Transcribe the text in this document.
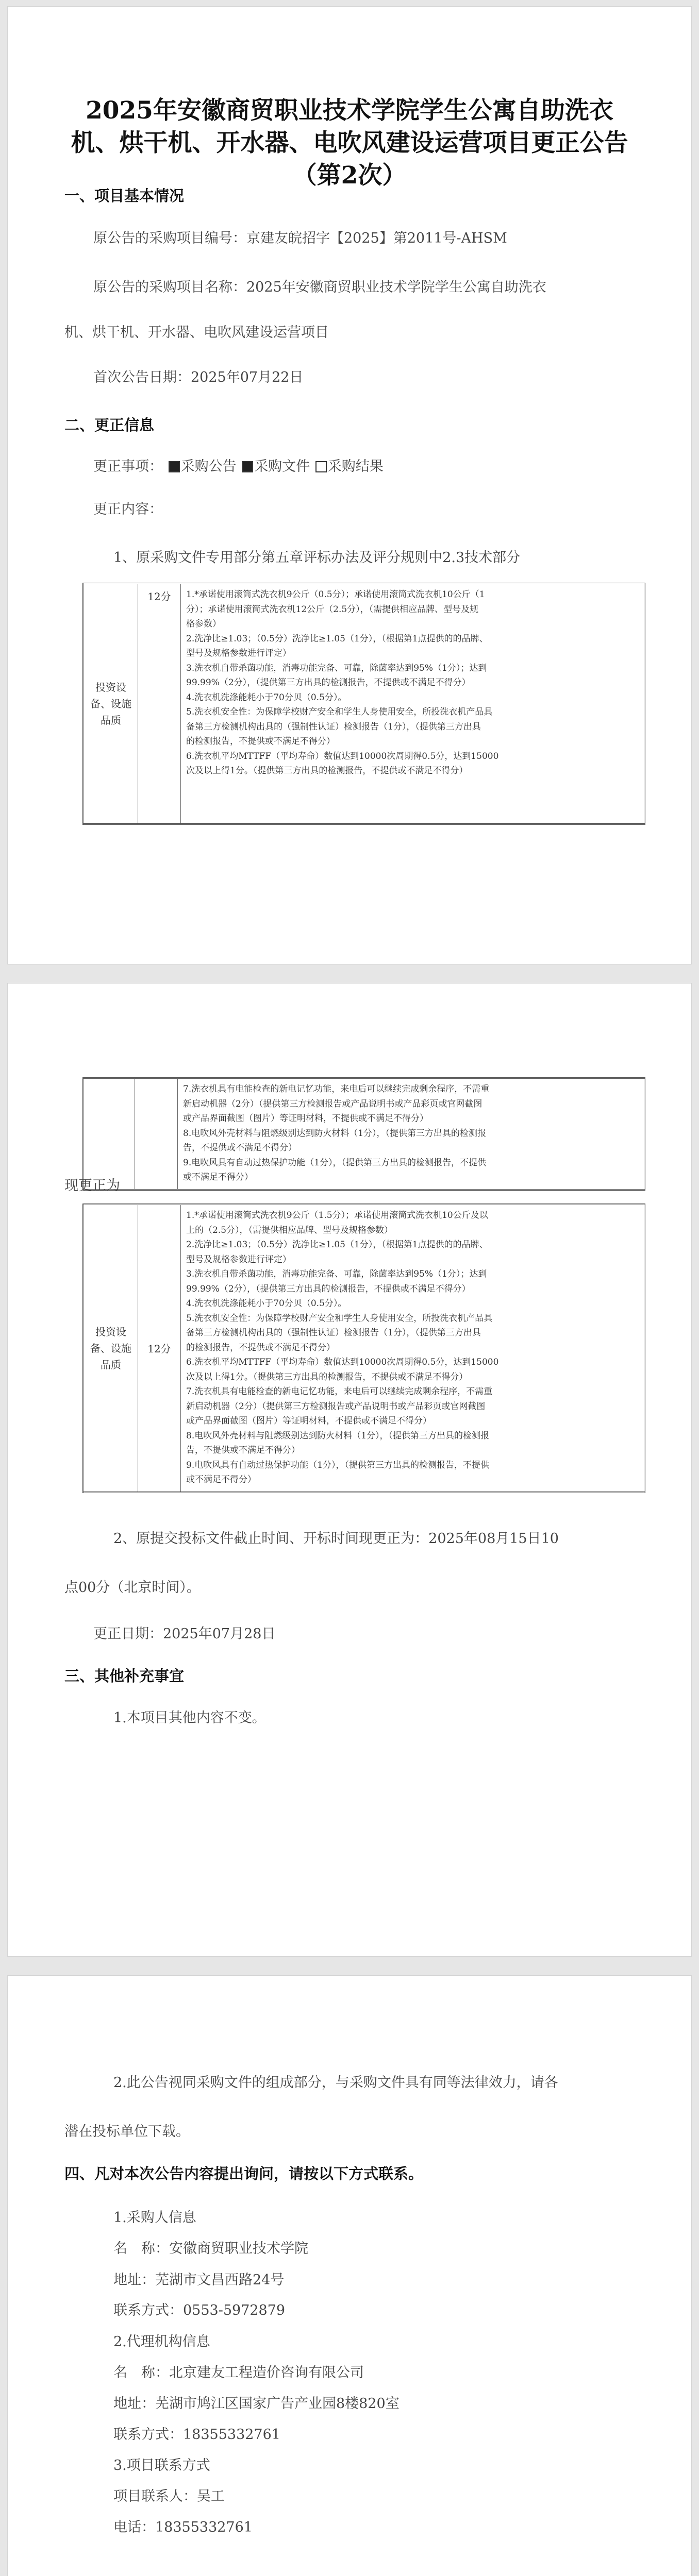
2025年安徽商贸职业技术学院学生公寓自助洗衣机、烘干机、开水器、电吹风建设运营项目更正公告（第2次）
一、项目基本情况
原公告的采购项目编号：京建友皖招字【2025】第2011号-AHSM
原公告的采购项目名称：2025年安徽商贸职业技术学院学生公寓自助洗衣
机、烘干机、开水器、电吹风建设运营项目
首次公告日期：2025年07月22日
二、更正信息
更正事项： 采购公告 采购文件 采购结果
更正内容：
1、原采购文件专用部分第五章评标办法及评分规则中2.3技术部分
投资设备、设施品质	12分	1.*承诺使用滚筒式洗衣机9公斤（0.5分）；承诺使用滚筒式洗衣机10公斤（1
分）；承诺使用滚筒式洗衣机12公斤（2.5分），（需提供相应品牌、型号及规
格参数）
2.洗净比≥1.03；（0.5分）洗净比≥1.05（1分），（根据第1点提供的的品牌、
型号及规格参数进行评定）
3.洗衣机自带杀菌功能，消毒功能完备、可靠，除菌率达到95%（1分）；达到
99.99%（2分），（提供第三方出具的检测报告，不提供或不满足不得分）
4.洗衣机洗涤能耗小于70分贝（0.5分）。
5.洗衣机安全性：为保障学校财产安全和学生人身使用安全，所投洗衣机产品具
备第三方检测机构出具的（强制性认证）检测报告（1分），（提供第三方出具
的检测报告，不提供或不满足不得分）
6.洗衣机平均MTTFF（平均寿命）数值达到10000次周期得0.5分，达到15000
次及以上得1分。（提供第三方出具的检测报告，不提供或不满足不得分）

7.洗衣机具有电能检查的新电记忆功能，来电后可以继续完成剩余程序，不需重
新启动机器（2分）（提供第三方检测报告或产品说明书或产品彩页或官网截图
或产品界面截图（图片）等证明材料，不提供或不满足不得分）
8.电吹风外壳材料与阻燃级别达到防火材料（1分），（提供第三方出具的检测报
告，不提供或不满足不得分）
9.电吹风具有自动过热保护功能（1分），（提供第三方出具的检测报告，不提供
或不满足不得分）
现更正为
投资设备、设施品质	12分	
1.*承诺使用滚筒式洗衣机9公斤（1.5分）；承诺使用滚筒式洗衣机10公斤及以
上的（2.5分），（需提供相应品牌、型号及规格参数）
2.洗净比≥1.03；（0.5分）洗净比≥1.05（1分），（根据第1点提供的的品牌、
型号及规格参数进行评定）
3.洗衣机自带杀菌功能，消毒功能完备、可靠，除菌率达到95%（1分）；达到
99.99%（2分），（提供第三方出具的检测报告，不提供或不满足不得分）
4.洗衣机洗涤能耗小于70分贝（0.5分）。
5.洗衣机安全性：为保障学校财产安全和学生人身使用安全，所投洗衣机产品具
备第三方检测机构出具的（强制性认证）检测报告（1分），（提供第三方出具
的检测报告，不提供或不满足不得分）
6.洗衣机平均MTTFF（平均寿命）数值达到10000次周期得0.5分，达到15000
次及以上得1分。（提供第三方出具的检测报告，不提供或不满足不得分）
7.洗衣机具有电能检查的新电记忆功能，来电后可以继续完成剩余程序，不需重
新启动机器（2分）（提供第三方检测报告或产品说明书或产品彩页或官网截图
或产品界面截图（图片）等证明材料，不提供或不满足不得分）
8.电吹风外壳材料与阻燃级别达到防火材料（1分），（提供第三方出具的检测报
告，不提供或不满足不得分）
9.电吹风具有自动过热保护功能（1分），（提供第三方出具的检测报告，不提供
或不满足不得分）
2、原提交投标文件截止时间、开标时间现更正为：2025年08月15日10
点00分（北京时间）。
更正日期：2025年07月28日
三、其他补充事宜
1.本项目其他内容不变。
2.此公告视同采购文件的组成部分，与采购文件具有同等法律效力，请各
潜在投标单位下载。
四、凡对本次公告内容提出询问，请按以下方式联系。
1.采购人信息
名　称：安徽商贸职业技术学院
地址：芜湖市文昌西路24号
联系方式：0553-5972879
2.代理机构信息
名　称：北京建友工程造价咨询有限公司
地址：芜湖市鸠江区国家广告产业园8楼820室
联系方式：18355332761
3.项目联系方式
项目联系人：吴工
电话：18355332761
